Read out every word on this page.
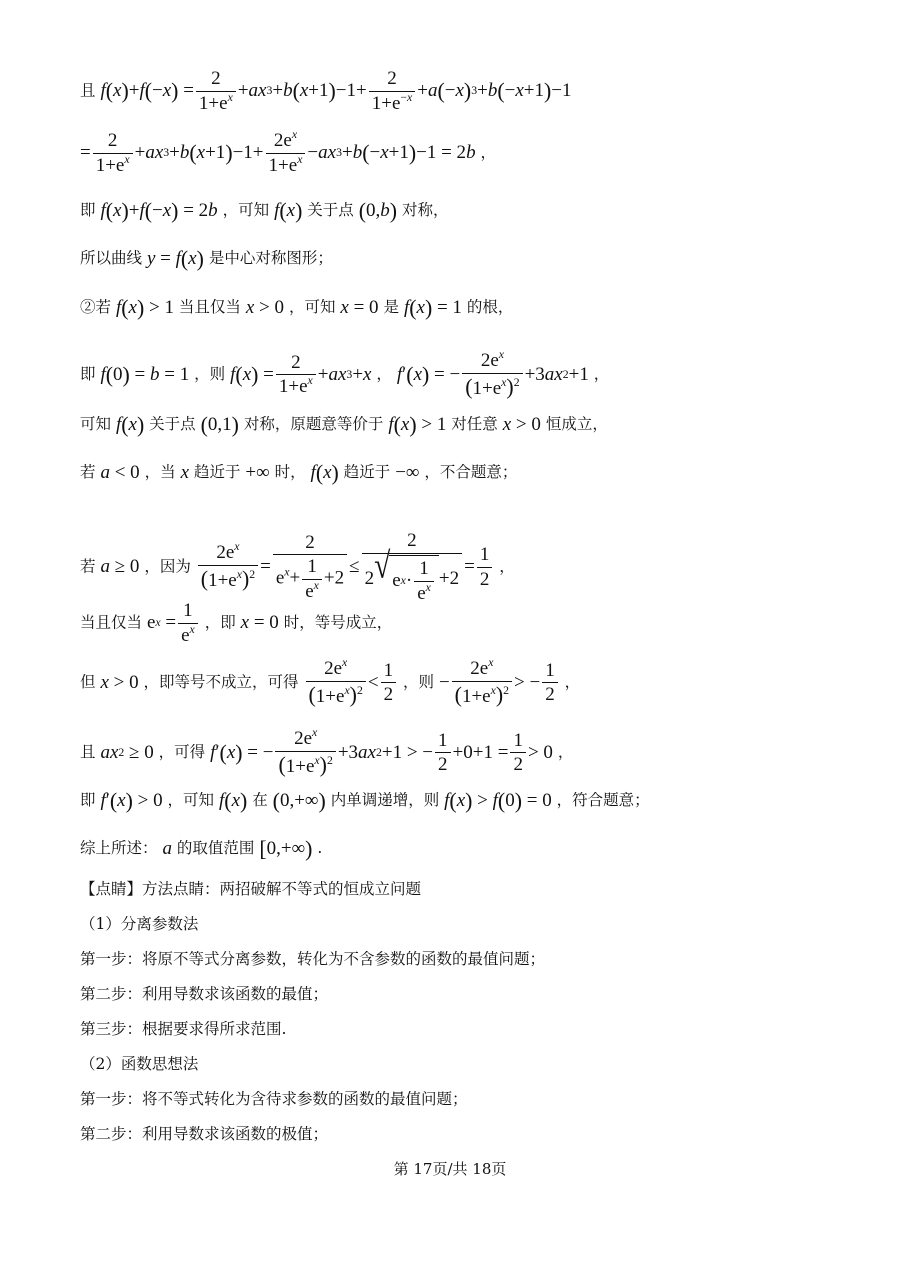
且 f ( x ) + f ( − x ) = $\frac{2}{1+e^x}$ + ax 3 + b ( x +1 ) $-1+ \frac{2}{1+e^{-x}} + a$ ( − x ) 3 + b ( − x +1 ) −1
= $\frac{2}{1+e^x}$ + ax 3 + b ( x +1 ) $-1+ \frac{2e^x}{1+e^x}$ − ax 3 + b ( − x +1 ) −1 = 2 b ，
即 f ( x ) + f ( − x ) = 2 b ，可知 f ( x ) 关于点 ( 0, b ) 对称，
所以曲线 y = f ( x ) 是中心对称图形；
②若 f ( x ) > 1 当且仅当 x > 0 ，可知 x = 0 是 f ( x ) = 1 的根，
即 f ( 0 ) = b = 1 ，则 f ( x ) = $\frac{2}{1+e^x}$ + ax 3 + x ， f ′ ( x ) = − $\frac{2e^x}{(1+e^x)^2} +3$ ax 2 +1 ，
可知 f ( x ) 关于点 ( 0,1 ) 对称，原题意等价于 f ( x ) > 1 对任意 x > 0 恒成立，
若 a < 0 ，当 x 趋近于 +∞ 时， f ( x ) 趋近于 −∞ ，不合题意；
若 a ≥ 0 ，因为 $\frac{2e^x}{(1+e^x)^2} = \frac{2}{e^x+ \frac{1}{e^x} +2} \le \frac{2}{2 √ e x \cdot \frac{1}{e^x} +2} = \frac{1}{2}$ ，
当且仅当 e $x = \frac{1}{e^x}$ ，即 x = 0 时，等号成立，
但 x > 0 ，即等号不成立，可得 $\frac{2e^x}{(1+e^x)^2} < \frac{1}{2}$ ，则 − $\frac{2e^x}{(1+e^x)^2}$ > − $\frac{1}{2}$ ，
且 ax 2 ≥ 0 ，可得 f ′ ( x ) = − $\frac{2e^x}{(1+e^x)^2} +3$ ax 2 +1 > − $\frac{1}{2} +0+1 = \frac{1}{2} > 0$ ，
即 f ′ ( x ) > 0 ，可知 f ( x ) 在 ( 0,+∞ ) 内单调递增，则 f ( x ) > f ( 0 ) = 0 ，符合题意；
综上所述： a 的取值范围 [ 0,+∞ ) .
【点睛】方法点睛：两招破解不等式的恒成立问题
（1）分离参数法
第一步：将原不等式分离参数，转化为不含参数的函数的最值问题；
第二步：利用导数求该函数的最值；
第三步：根据要求得所求范围.
（2）函数思想法
第一步：将不等式转化为含待求参数的函数的最值问题；
第二步：利用导数求该函数的极值；
第 17页/共 18页
